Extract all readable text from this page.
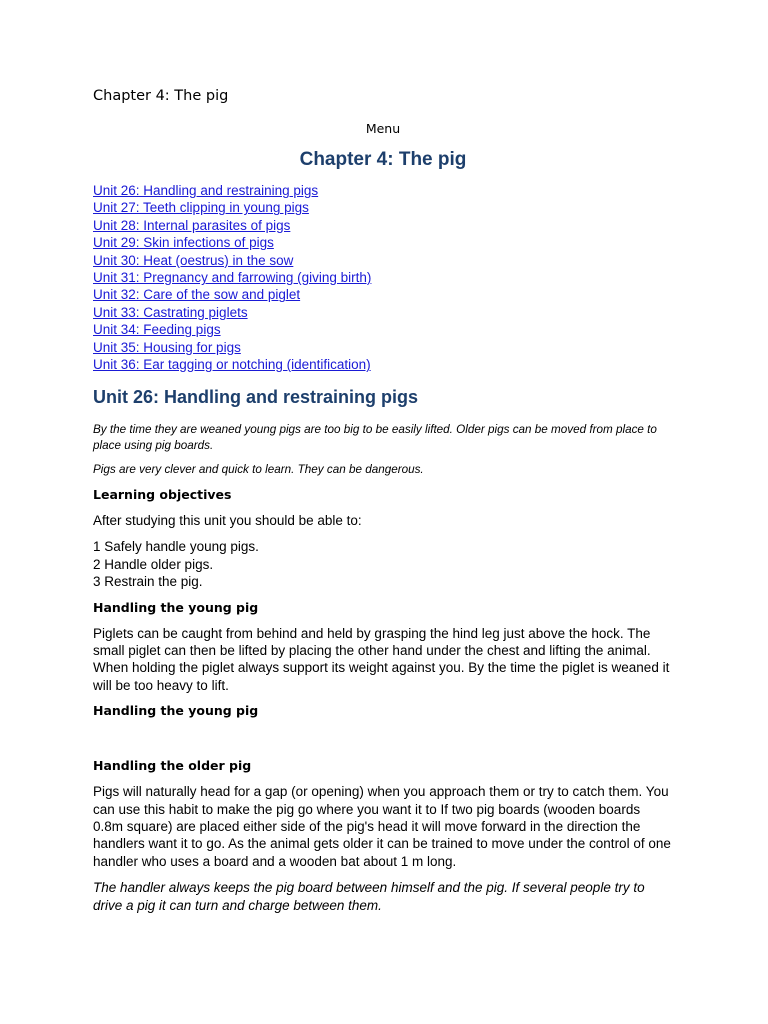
Chapter 4: The pig
Menu
Chapter 4: The pig
Unit 26: Handling and restraining pigs
Unit 27: Teeth clipping in young pigs
Unit 28: Internal parasites of pigs
Unit 29: Skin infections of pigs
Unit 30: Heat (oestrus) in the sow
Unit 31: Pregnancy and farrowing (giving birth)
Unit 32: Care of the sow and piglet
Unit 33: Castrating piglets
Unit 34: Feeding pigs
Unit 35: Housing for pigs
Unit 36: Ear tagging or notching (identification)
Unit 26: Handling and restraining pigs

By the time they are weaned young pigs are too big to be easily lifted. Older pigs can be moved from place to place using pig boards.

Pigs are very clever and quick to learn. They can be dangerous.

Learning objectives

After studying this unit you should be able to:

1 Safely handle young pigs.
2 Handle older pigs.
3 Restrain the pig.
Handling the young pig

Piglets can be caught from behind and held by grasping the hind leg just above the hock. The small piglet can then be lifted by placing the other hand under the chest and lifting the animal. When holding the piglet always support its weight against you. By the time the piglet is weaned it will be too heavy to lift.

Handling the young pig
Handling the older pig

Pigs will naturally head for a gap (or opening) when you approach them or try to catch them. You can use this habit to make the pig go where you want it to If two pig boards (wooden boards 0.8m square) are placed either side of the pig's head it will move forward in the direction the handlers want it to go. As the animal gets older it can be trained to move under the control of one handler who uses a board and a wooden bat about 1 m long.

The handler always keeps the pig board between himself and the pig. If several people try to drive a pig it can turn and charge between them.
